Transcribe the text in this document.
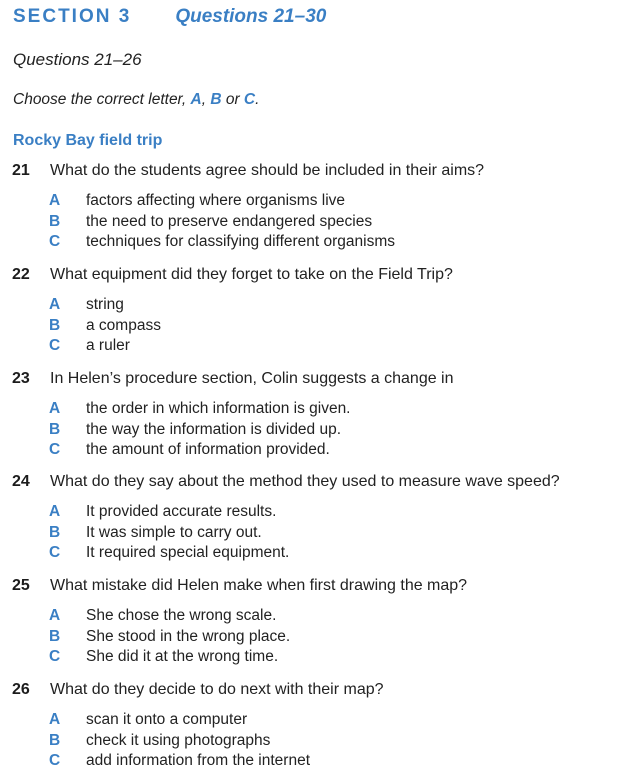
SECTION 3 Questions 21–30
Questions 21–26
Choose the correct letter, A, B or C.
Rocky Bay field trip
21 What do the students agree should be included in their aims?
A factors affecting where organisms live
B the need to preserve endangered species
C techniques for classifying different organisms
22 What equipment did they forget to take on the Field Trip?
A string
B a compass
C a ruler
23 In Helen’s procedure section, Colin suggests a change in
A the order in which information is given.
B the way the information is divided up.
C the amount of information provided.
24 What do they say about the method they used to measure wave speed?
A It provided accurate results.
B It was simple to carry out.
C It required special equipment.
25 What mistake did Helen make when first drawing the map?
A She chose the wrong scale.
B She stood in the wrong place.
C She did it at the wrong time.
26 What do they decide to do next with their map?
A scan it onto a computer
B check it using photographs
C add information from the internet
